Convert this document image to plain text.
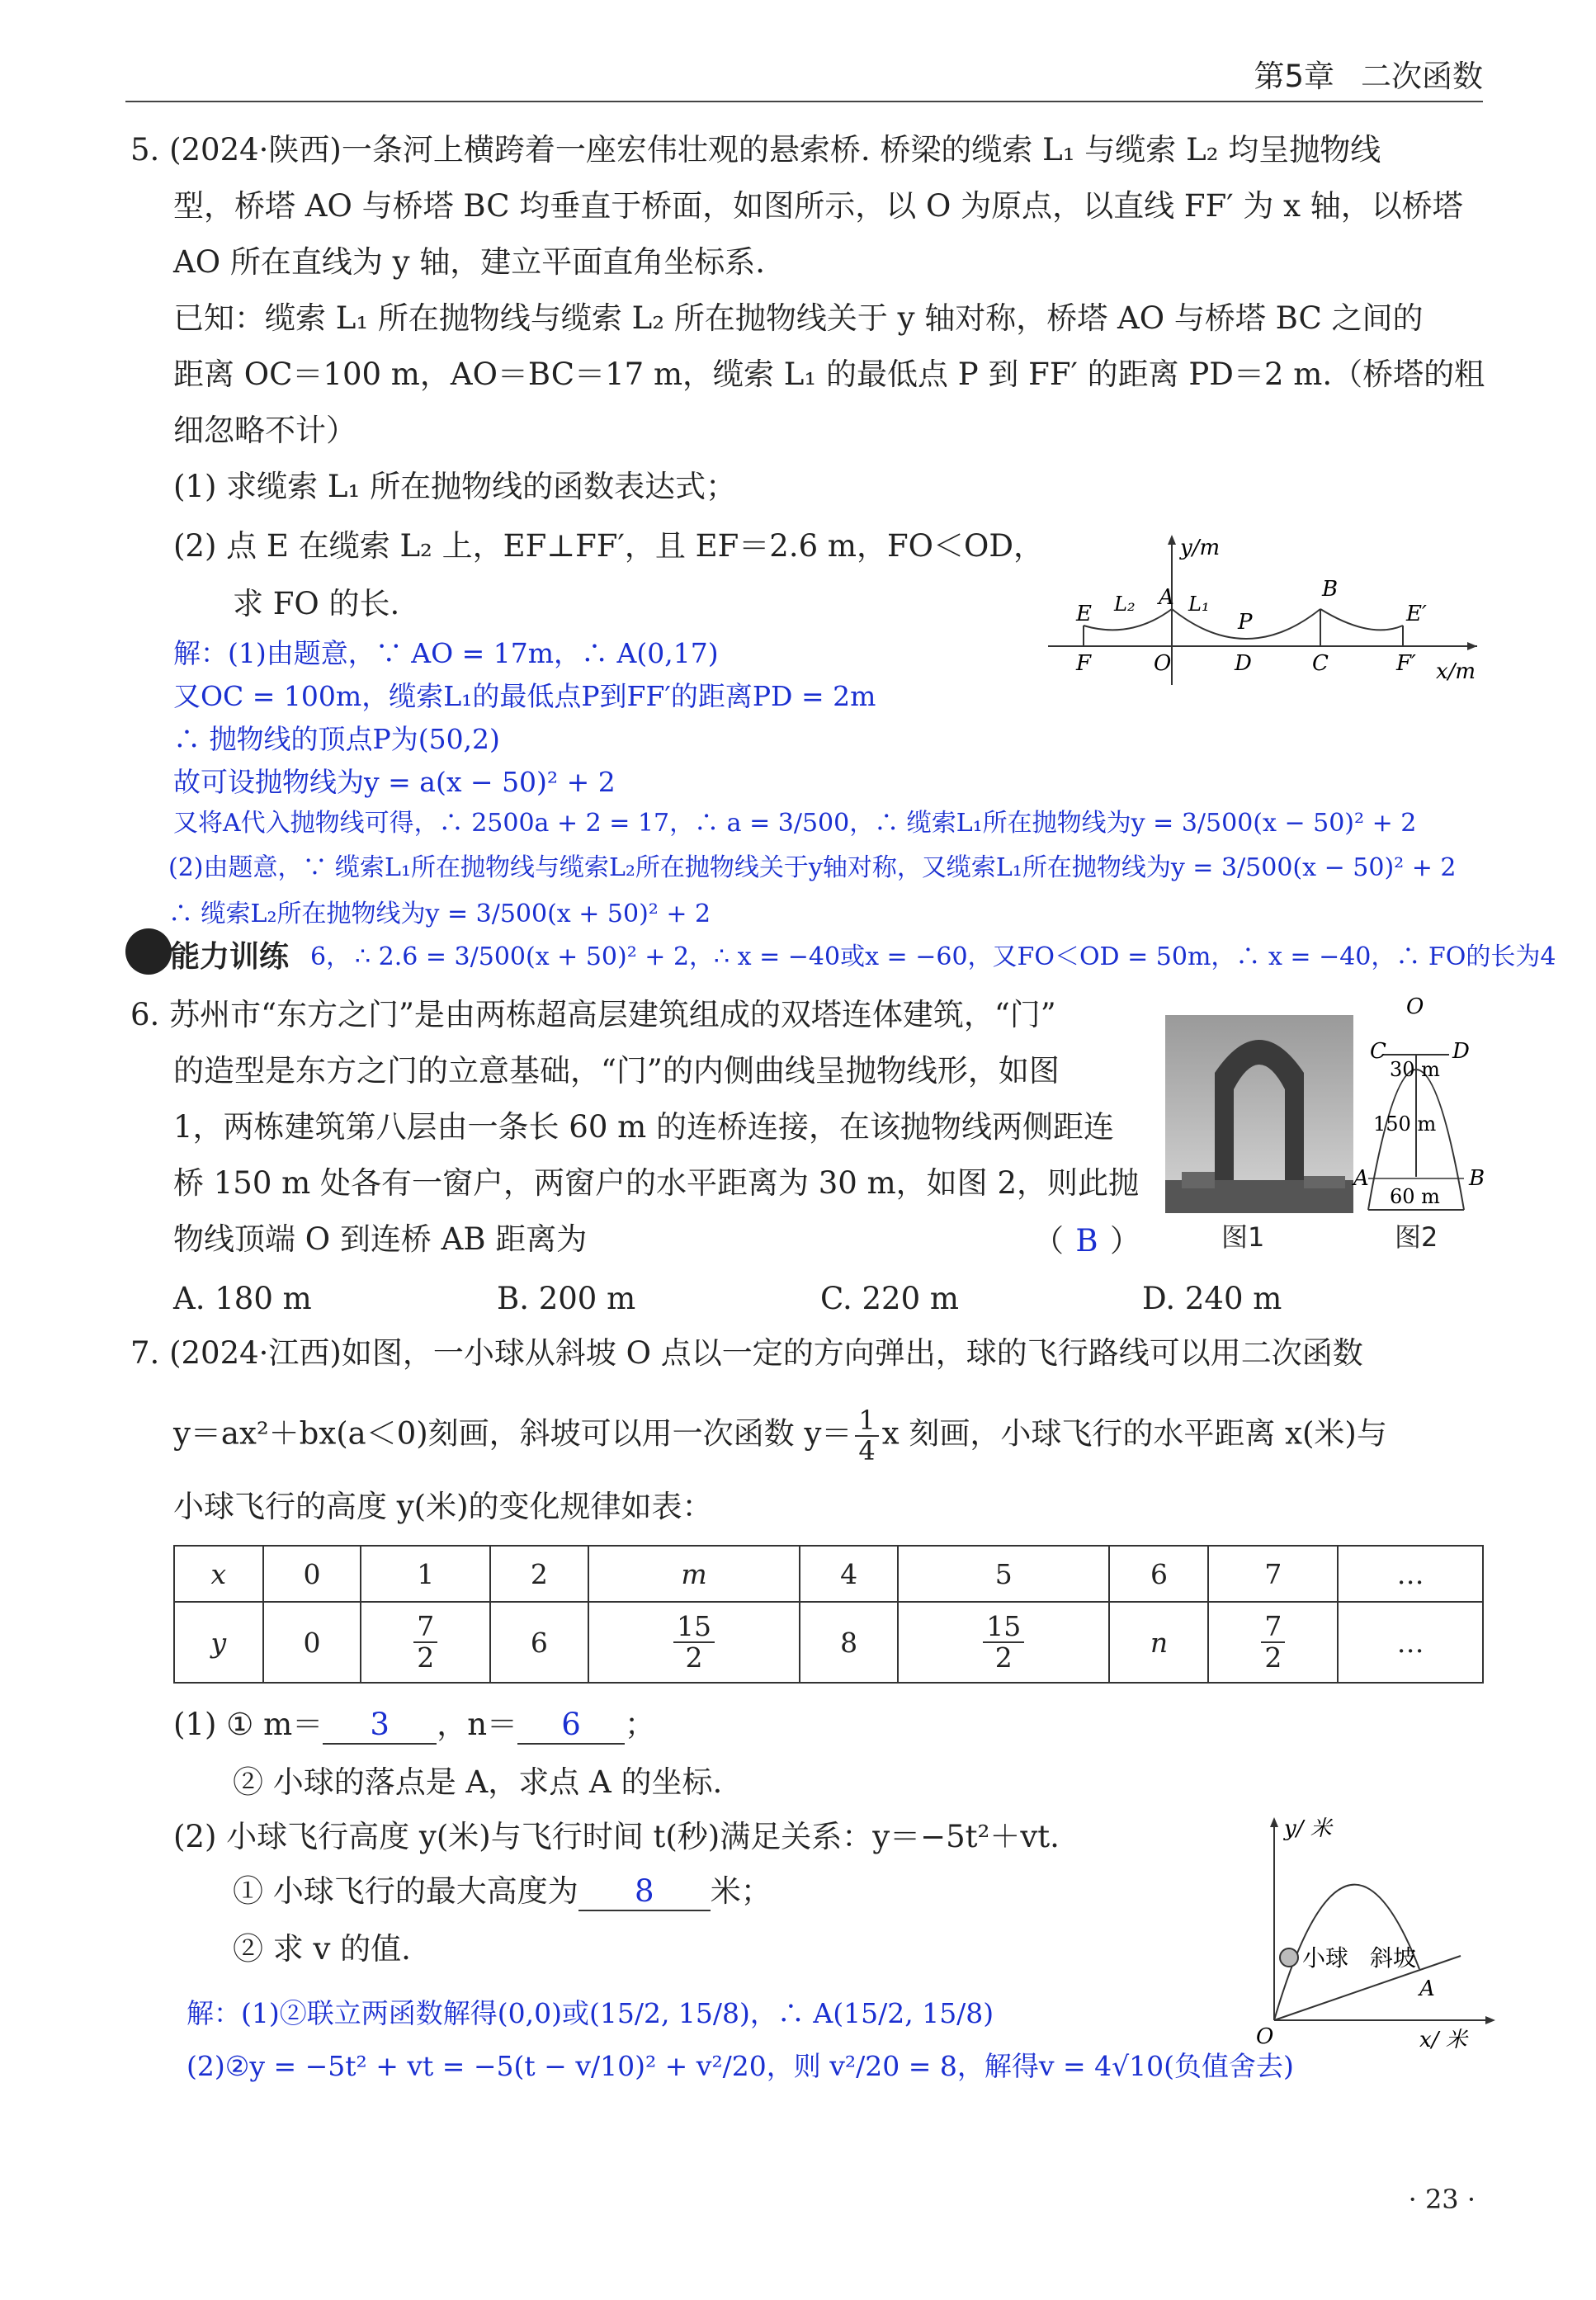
第5章 二次函数
5. (2024·陕西)一条河上横跨着一座宏伟壮观的悬索桥. 桥梁的缆索 L₁ 与缆索 L₂ 均呈抛物线
型，桥塔 AO 与桥塔 BC 均垂直于桥面，如图所示，以 O 为原点，以直线 FF′ 为 x 轴，以桥塔
AO 所在直线为 y 轴，建立平面直角坐标系.
已知：缆索 L₁ 所在抛物线与缆索 L₂ 所在抛物线关于 y 轴对称，桥塔 AO 与桥塔 BC 之间的
距离 OC＝100 m，AO＝BC＝17 m，缆索 L₁ 的最低点 P 到 FF′ 的距离 PD＝2 m.（桥塔的粗
细忽略不计）
(1) 求缆索 L₁ 所在抛物线的函数表达式；
(2) 点 E 在缆索 L₂ 上，EF⊥FF′，且 EF＝2.6 m，FO＜OD，
求 FO 的长.
y/m
x/m
A	B
E	E′
L₂	L₁
P
F	O	D	C	F′
解：(1)由题意，∵ AO = 17m，∴ A(0,17)
又OC = 100m，缆索L₁的最低点P到FF′的距离PD = 2m
∴ 抛物线的顶点P为(50,2)
故可设抛物线为y = a(x − 50)² + 2
又将A代入抛物线可得，∴ 2500a + 2 = 17，∴ a = 3/500，∴ 缆索L₁所在抛物线为y = 3/500(x − 50)² + 2
(2)由题意，∵ 缆索L₁所在抛物线与缆索L₂所在抛物线关于y轴对称，又缆索L₁所在抛物线为y = 3/500(x − 50)² + 2
∴ 缆索L₂所在抛物线为y = 3/500(x + 50)² + 2
能力训练 6， ∴ 2.6 = 3/500(x + 50)² + 2，∴ x = −40或x = −60，又FO＜OD = 50m，∴ x = −40，∴ FO的长为4
6. 苏州市“东方之门”是由两栋超高层建筑组成的双塔连体建筑，“门”
的造型是东方之门的立意基础，“门”的内侧曲线呈抛物线形，如图
1，两栋建筑第八层由一条长 60 m 的连桥连接，在该抛物线两侧距连
桥 150 m 处各有一窗户，两窗户的水平距离为 30 m，如图 2，则此抛
物线顶端 O 到连桥 AB 距离为	（ B ）
A. 180 m	B. 200 m	C. 220 m	D. 240 m
图1
O
C	D
30 m
150 m
A	B
60 m
图2
7. (2024·江西)如图，一小球从斜坡 O 点以一定的方向弹出，球的飞行路线可以用二次函数
y＝ax²＋bx(a＜0)刻画，斜坡可以用一次函数 $y= \frac{1}{4}$ x 刻画，小球飞行的水平距离 x(米)与
小球飞行的高度 y(米)的变化规律如表：
x	0	1	2	m	4	5	6	7	…
y	0	$\frac{7}{2}$	6	$\frac{15}{2}$	8	$\frac{15}{2}$	n	$\frac{7}{2}$	…
(1) ① m＝ 3 ，n＝ 6 ；
② 小球的落点是 A，求点 A 的坐标.
(2) 小球飞行高度 y(米)与飞行时间 t(秒)满足关系：y＝−5t²＋vt.
① 小球飞行的最大高度为 8 米；
② 求 v 的值.
y/ 米
x/ 米
O
A
小球 斜坡
解：(1)②联立两函数解得(0,0)或(15/2, 15/8)，∴ A(15/2, 15/8)
(2)②y = −5t² + vt = −5(t − v/10)² + v²/20，则 v²/20 = 8，解得v = 4√10(负值舍去)
· 23 ·
